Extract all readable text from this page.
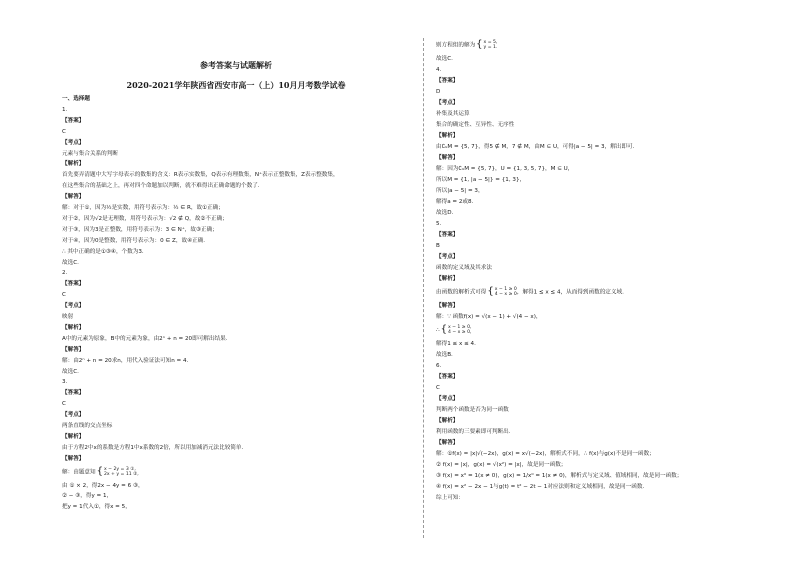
参考答案与试题解析
2020-2021学年陕西省西安市高一（上）10月月考数学试卷
一、选择题
1.
【答案】
C
【考点】
元素与集合关系的判断
【解析】
首先要弄清题中大写字母表示的数集的含义：R表示实数集，Q表示有理数集，N⁺表示正整数集，Z表示整数集，
在这些集合的基础之上，再对四个命题加以判断，就不难得出正确命题的个数了.
【解答】
解：对于①，因为½是实数，用符号表示为：½ ∈ R，故①正确；
对于②，因为√2是无理数，用符号表示为：√2 ∉ Q，故②不正确；
对于③，因为3是正整数，用符号表示为：3 ∈ N⁺，故③正确；
对于④，因为0是整数，用符号表示为：0 ∈ Z，故④正确.
∴ 其中正确的是①③④，个数为3.
故选C.
2.
【答案】
C
【考点】
映射
【解析】
A中的元素为原象，B中的元素为象，由2ⁿ + n = 20即可解出结果.
【解答】
解：由2ⁿ + n = 20求n，用代入验证法可知n = 4.
故选C.
3.
【答案】
C
【考点】
两条直线的交点坐标
【解析】
由于方程2中x的系数是方程1中x系数的2倍，所以用加减消元法比较简单.
【解答】
解：由题意知{ x − 2y = 3 ①,
2x + y = 11 ②,
由 ① × 2，得2x − 4y = 6 ③，
② − ③，得y = 1，
把y = 1代入①，得x = 5，
则方程组的解为{ x = 5,
y = 1.
故选C.
4.
【答案】
D
【考点】
补集及其运算
集合的确定性、互异性、无序性
【解析】
由∁ᵤM = {5, 7}，得5 ∉ M，7 ∉ M，由M ⊆ U，可得|a − 5| = 3，解出即可.
【解答】
解：因为∁ᵤM = {5, 7}，U = {1, 3, 5, 7}，M ⊆ U，
所以M = {1, |a − 5|} = {1, 3}，
所以|a − 5| = 3，
解得a = 2或8.
故选D.
5.
【答案】
B
【考点】
函数的定义域及其求法
【解析】
由函数的解析式可得{ x − 1 ≥ 0
4 − x ≥ 0 ，解得1 ≤ x ≤ 4，从而得到函数的定义域.
【解答】
解：∵ 函数f(x) = √(x − 1) + √(4 − x)，
∴{ x − 1 ≥ 0,
4 − x ≥ 0,
解得1 ≤ x ≤ 4.
故选B.
6.
【答案】
C
【考点】
判断两个函数是否为同一函数
【解析】
利用函数的三要素即可判断出.
【解答】
解：①f(x) = |x|√(−2x)，g(x) = x√(−2x)，解析式不同，∴ f(x)与g(x)不是同一函数；
② f(x) = |x|，g(x) = √(x²) = |x|，故是同一函数；
③ f(x) = x⁰ = 1(x ≠ 0)，g(x) = 1/x⁰ = 1(x ≠ 0)，解析式与定义域、值域相同，故是同一函数；
④ f(x) = x² − 2x − 1与g(t) = t² − 2t − 1对应法则和定义域相同，故是同一函数.
综上可知：
